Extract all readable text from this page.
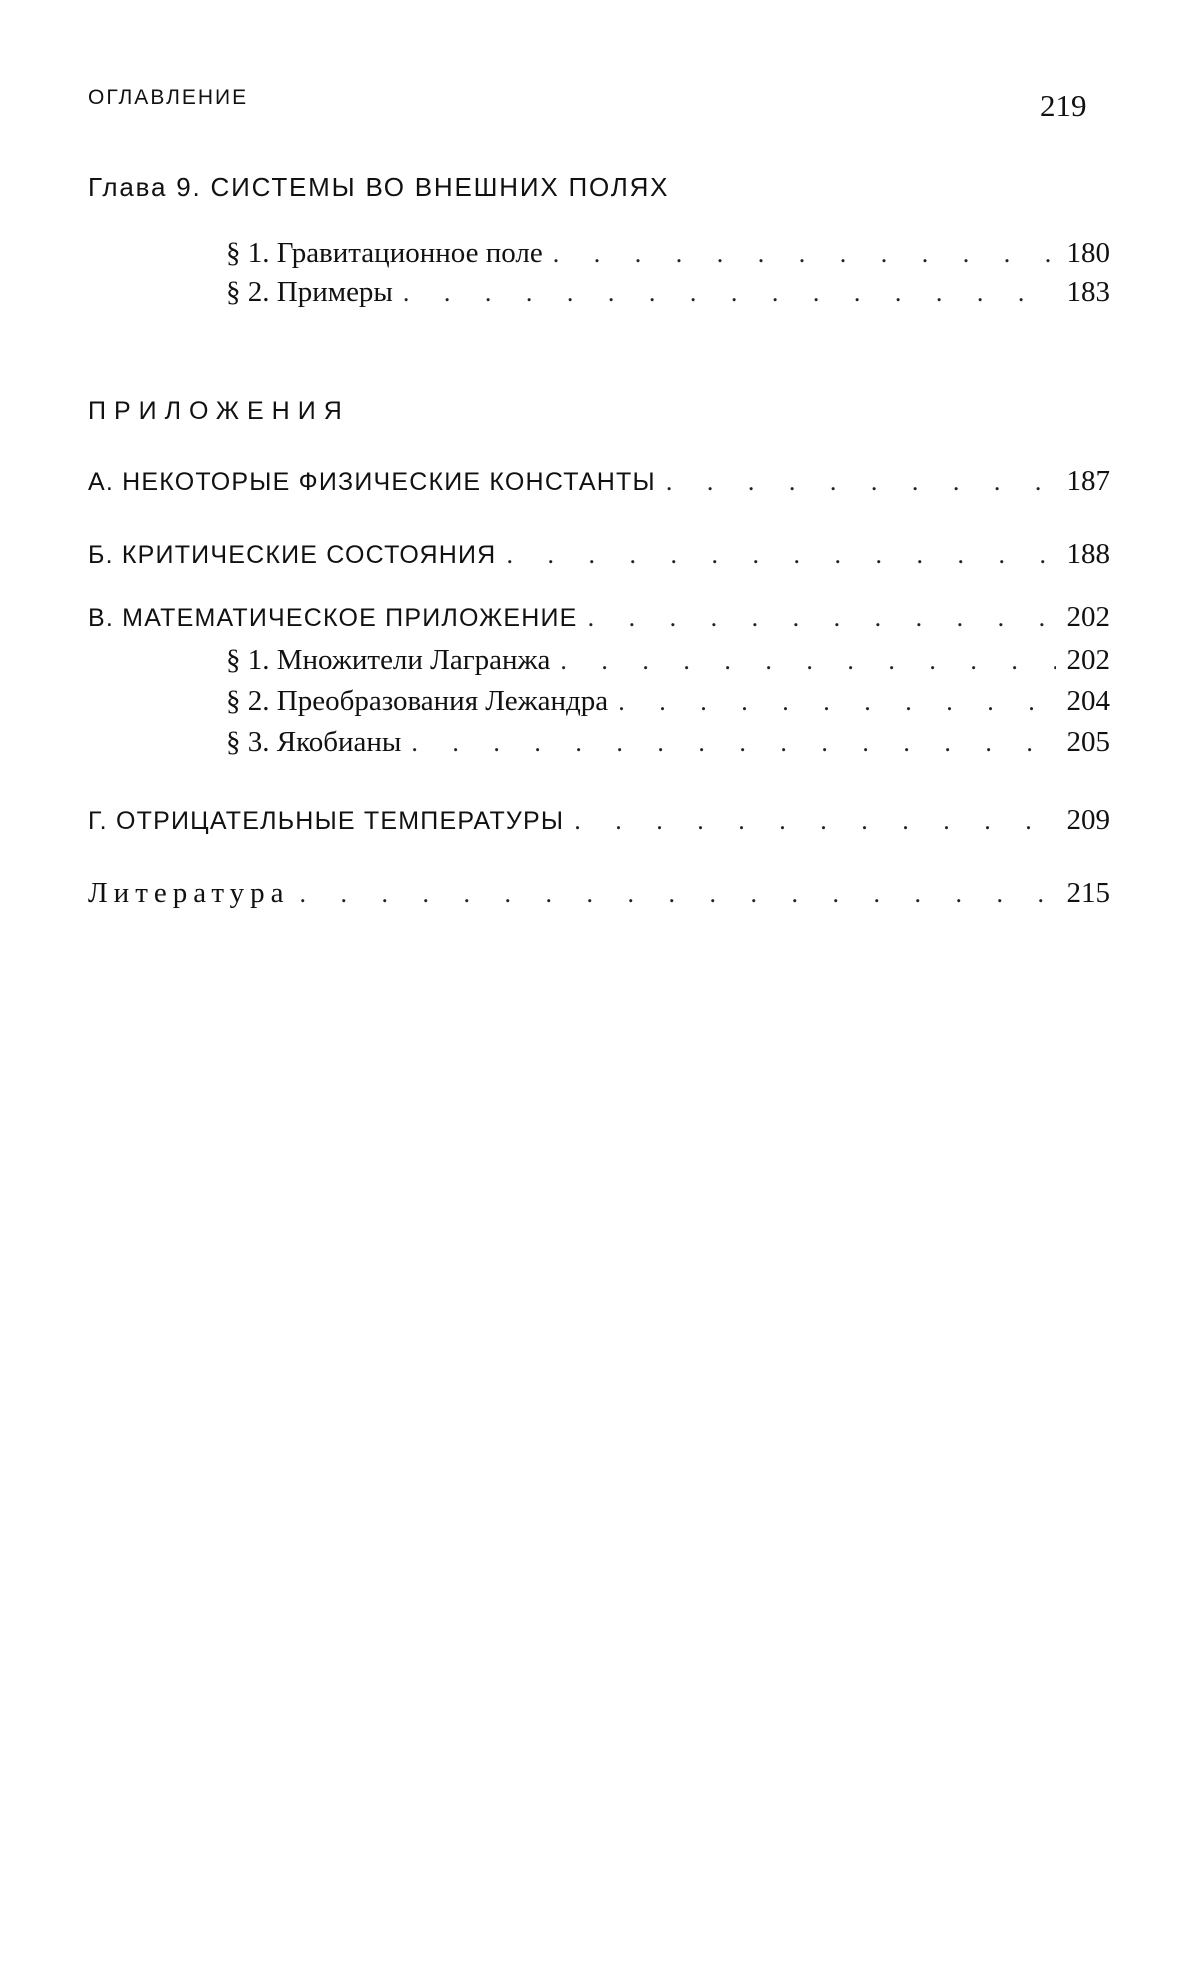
ОГЛАВЛЕНИЕ	219
Глава 9. СИСТЕМЫ ВО ВНЕШНИХ ПОЛЯХ
§ 1. Гравитационное поле . . .	180
§ 2. Примеры . . .	183
ПРИЛОЖЕНИЯ
А. НЕКОТОРЫЕ ФИЗИЧЕСКИЕ КОНСТАНТЫ . . .	187
Б. КРИТИЧЕСКИЕ СОСТОЯНИЯ . . .	188
В. МАТЕМАТИЧЕСКОЕ ПРИЛОЖЕНИЕ . . .	202
§ 1. Множители Лагранжа . . .	202
§ 2. Преобразования Лежандра . . .	204
§ 3. Якобианы . . .	205
Г. ОТРИЦАТЕЛЬНЫЕ ТЕМПЕРАТУРЫ . . .	209
Литература . . .	215
